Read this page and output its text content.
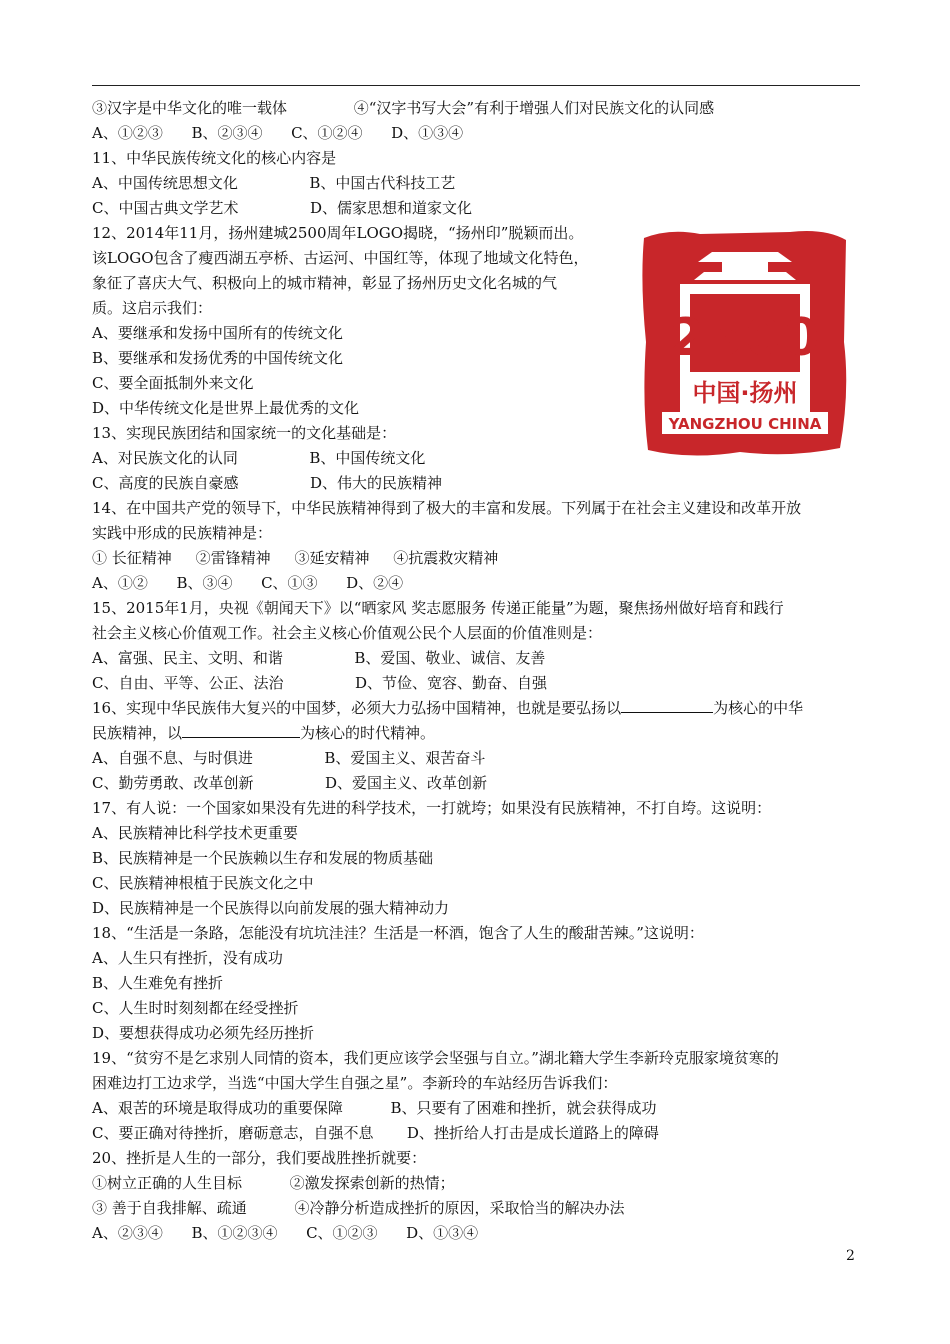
③汉字是中华文化的唯一载体              ④“汉字书写大会”有利于增强人们对民族文化的认同感
A、①②③      B、②③④      C、①②④      D、①③④
11、中华民族传统文化的核心内容是
A、中国传统思想文化               B、中国古代科技工艺
C、中国古典文学艺术               D、儒家思想和道家文化
12、2014年11月，扬州建城2500周年LOGO揭晓，“扬州印”脱颖而出。
该LOGO包含了瘦西湖五亭桥、古运河、中国红等，体现了地域文化特色，
象征了喜庆大气、积极向上的城市精神，彰显了扬州历史文化名城的气
质。这启示我们：
A、要继承和发扬中国所有的传统文化
B、要继承和发扬优秀的中国传统文化
C、要全面抵制外来文化
D、中华传统文化是世界上最优秀的文化
13、实现民族团结和国家统一的文化基础是：
A、对民族文化的认同               B、中国传统文化
C、高度的民族自豪感               D、伟大的民族精神
14、在中国共产党的领导下，中华民族精神得到了极大的丰富和发展。下列属于在社会主义建设和改革开放
实践中形成的民族精神是：
① 长征精神     ②雷锋精神     ③延安精神     ④抗震救灾精神
A、①②      B、③④      C、①③      D、②④
15、2015年1月，央视《朝闻天下》以“晒家风 奖志愿服务 传递正能量”为题，聚焦扬州做好培育和践行
社会主义核心价值观工作。社会主义核心价值观公民个人层面的价值准则是：
A、富强、民主、文明、和谐               B、爱国、敬业、诚信、友善
C、自由、平等、公正、法治               D、节俭、宽容、勤奋、自强
16、实现中华民族伟大复兴的中国梦，必须大力弘扬中国精神，也就是要弘扬以	为核心的中华
民族精神，以	为核心的时代精神。
A、自强不息、与时俱进               B、爱国主义、艰苦奋斗
C、勤劳勇敢、改革创新               D、爱国主义、改革创新
17、有人说：一个国家如果没有先进的科学技术，一打就垮；如果没有民族精神，不打自垮。这说明：
A、民族精神比科学技术更重要
B、民族精神是一个民族赖以生存和发展的物质基础
C、民族精神根植于民族文化之中
D、民族精神是一个民族得以向前发展的强大精神动力
18、“生活是一条路，怎能没有坑坑洼洼？生活是一杯酒，饱含了人生的酸甜苦辣。”这说明：
A、人生只有挫折，没有成功
B、人生难免有挫折
C、人生时时刻刻都在经受挫折
D、要想获得成功必须先经历挫折
19、“贫穷不是乞求别人同情的资本，我们更应该学会坚强与自立。”湖北籍大学生李新玲克服家境贫寒的
困难边打工边求学，当选“中国大学生自强之星”。李新玲的车站经历告诉我们：
A、艰苦的环境是取得成功的重要保障          B、只要有了困难和挫折，就会获得成功
C、要正确对待挫折，磨砺意志，自强不息       D、挫折给人打击是成长道路上的障碍
20、挫折是人生的一部分，我们要战胜挫折就要：
①树立正确的人生目标          ②激发探索创新的热情；
③ 善于自我排解、疏通          ④冷静分析造成挫折的原因，采取恰当的解决办法
A、②③④      B、①②③④      C、①②③      D、①③④
2
2500
中国·扬州
YANGZHOU CHINA
